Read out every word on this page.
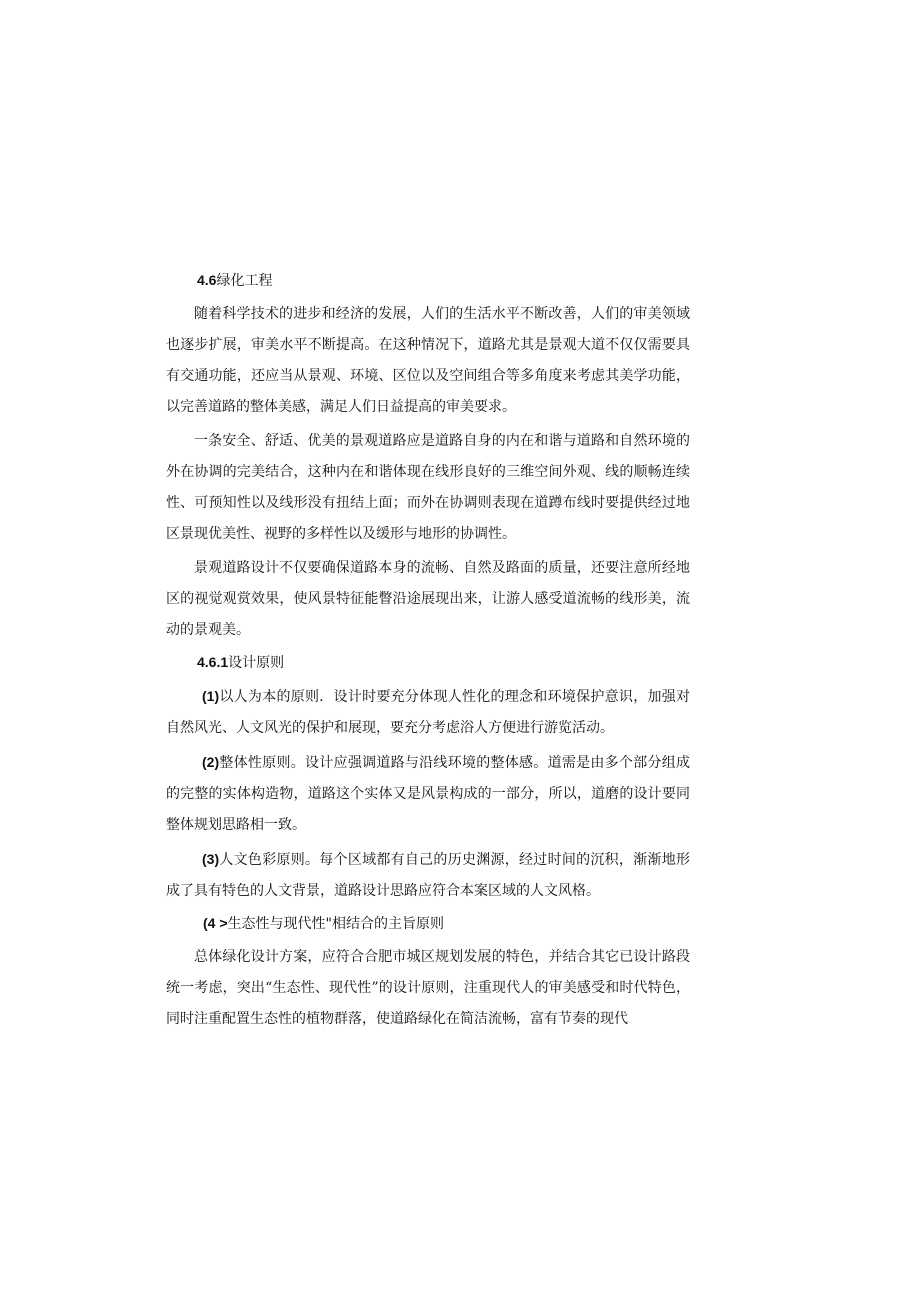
4.6绿化工程

随着科学技术的进步和经济的发展，人们的生活水平不断改善，人们的审美领域也逐步扩展，审美水平不断提高。在这种情况下，道路尤其是景观大道不仅仅需要具有交通功能，还应当从景观、环境、区位以及空间组合等多角度来考虑其美学功能，以完善道路的整体美感，满足人们日益提高的审美要求。

一条安全、舒适、优美的景观道路应是道路自身的内在和谐与道路和自然环境的外在协调的完美结合，这种内在和谐体现在线形良好的三维空间外观、线的顺畅连续性、可预知性以及线形没有扭结上面；而外在协调则表现在道蹲布线时要提供经过地区景现优美性、视野的多样性以及缓形与地形的协调性。

景观道路设计不仅要确保道路本身的流畅、自然及路面的质量，还要注意所经地区的视觉观赏效果，使风景特征能瞥沿途展现出来，让游人感受道流畅的线形美，流动的景观美。

4.6.1设计原则

(1)以人为本的原则．设计时要充分体现人性化的理念和环境保护意识，加强对自然风光、人文风光的保护和展现，要充分考虑浴人方便进行游览活动。

(2)整体性原则。设计应强调道路与沿线环境的整体感。道需是由多个部分组成的完整的实体构造物，道路这个实体又是风景构成的一部分，所以，道磨的设计要同整体规划思路相一致。

(3)人文色彩原则。每个区域都有自己的历史渊源，经过时间的沉积，渐渐地形成了具有特色的人文背景，道路设计思路应符合本案区域的人文风格。

(4 >生态性与现代性"相结合的主旨原则

总体绿化设计方案，应符合合肥市城区规划发展的特色，并结合其它已设计路段统一考虑，突出“生态性、现代性”的设计原则，注重现代人的审美感受和时代特色，同时注重配置生态性的植物群落，使道路绿化在简洁流畅，富有节奏的现代
